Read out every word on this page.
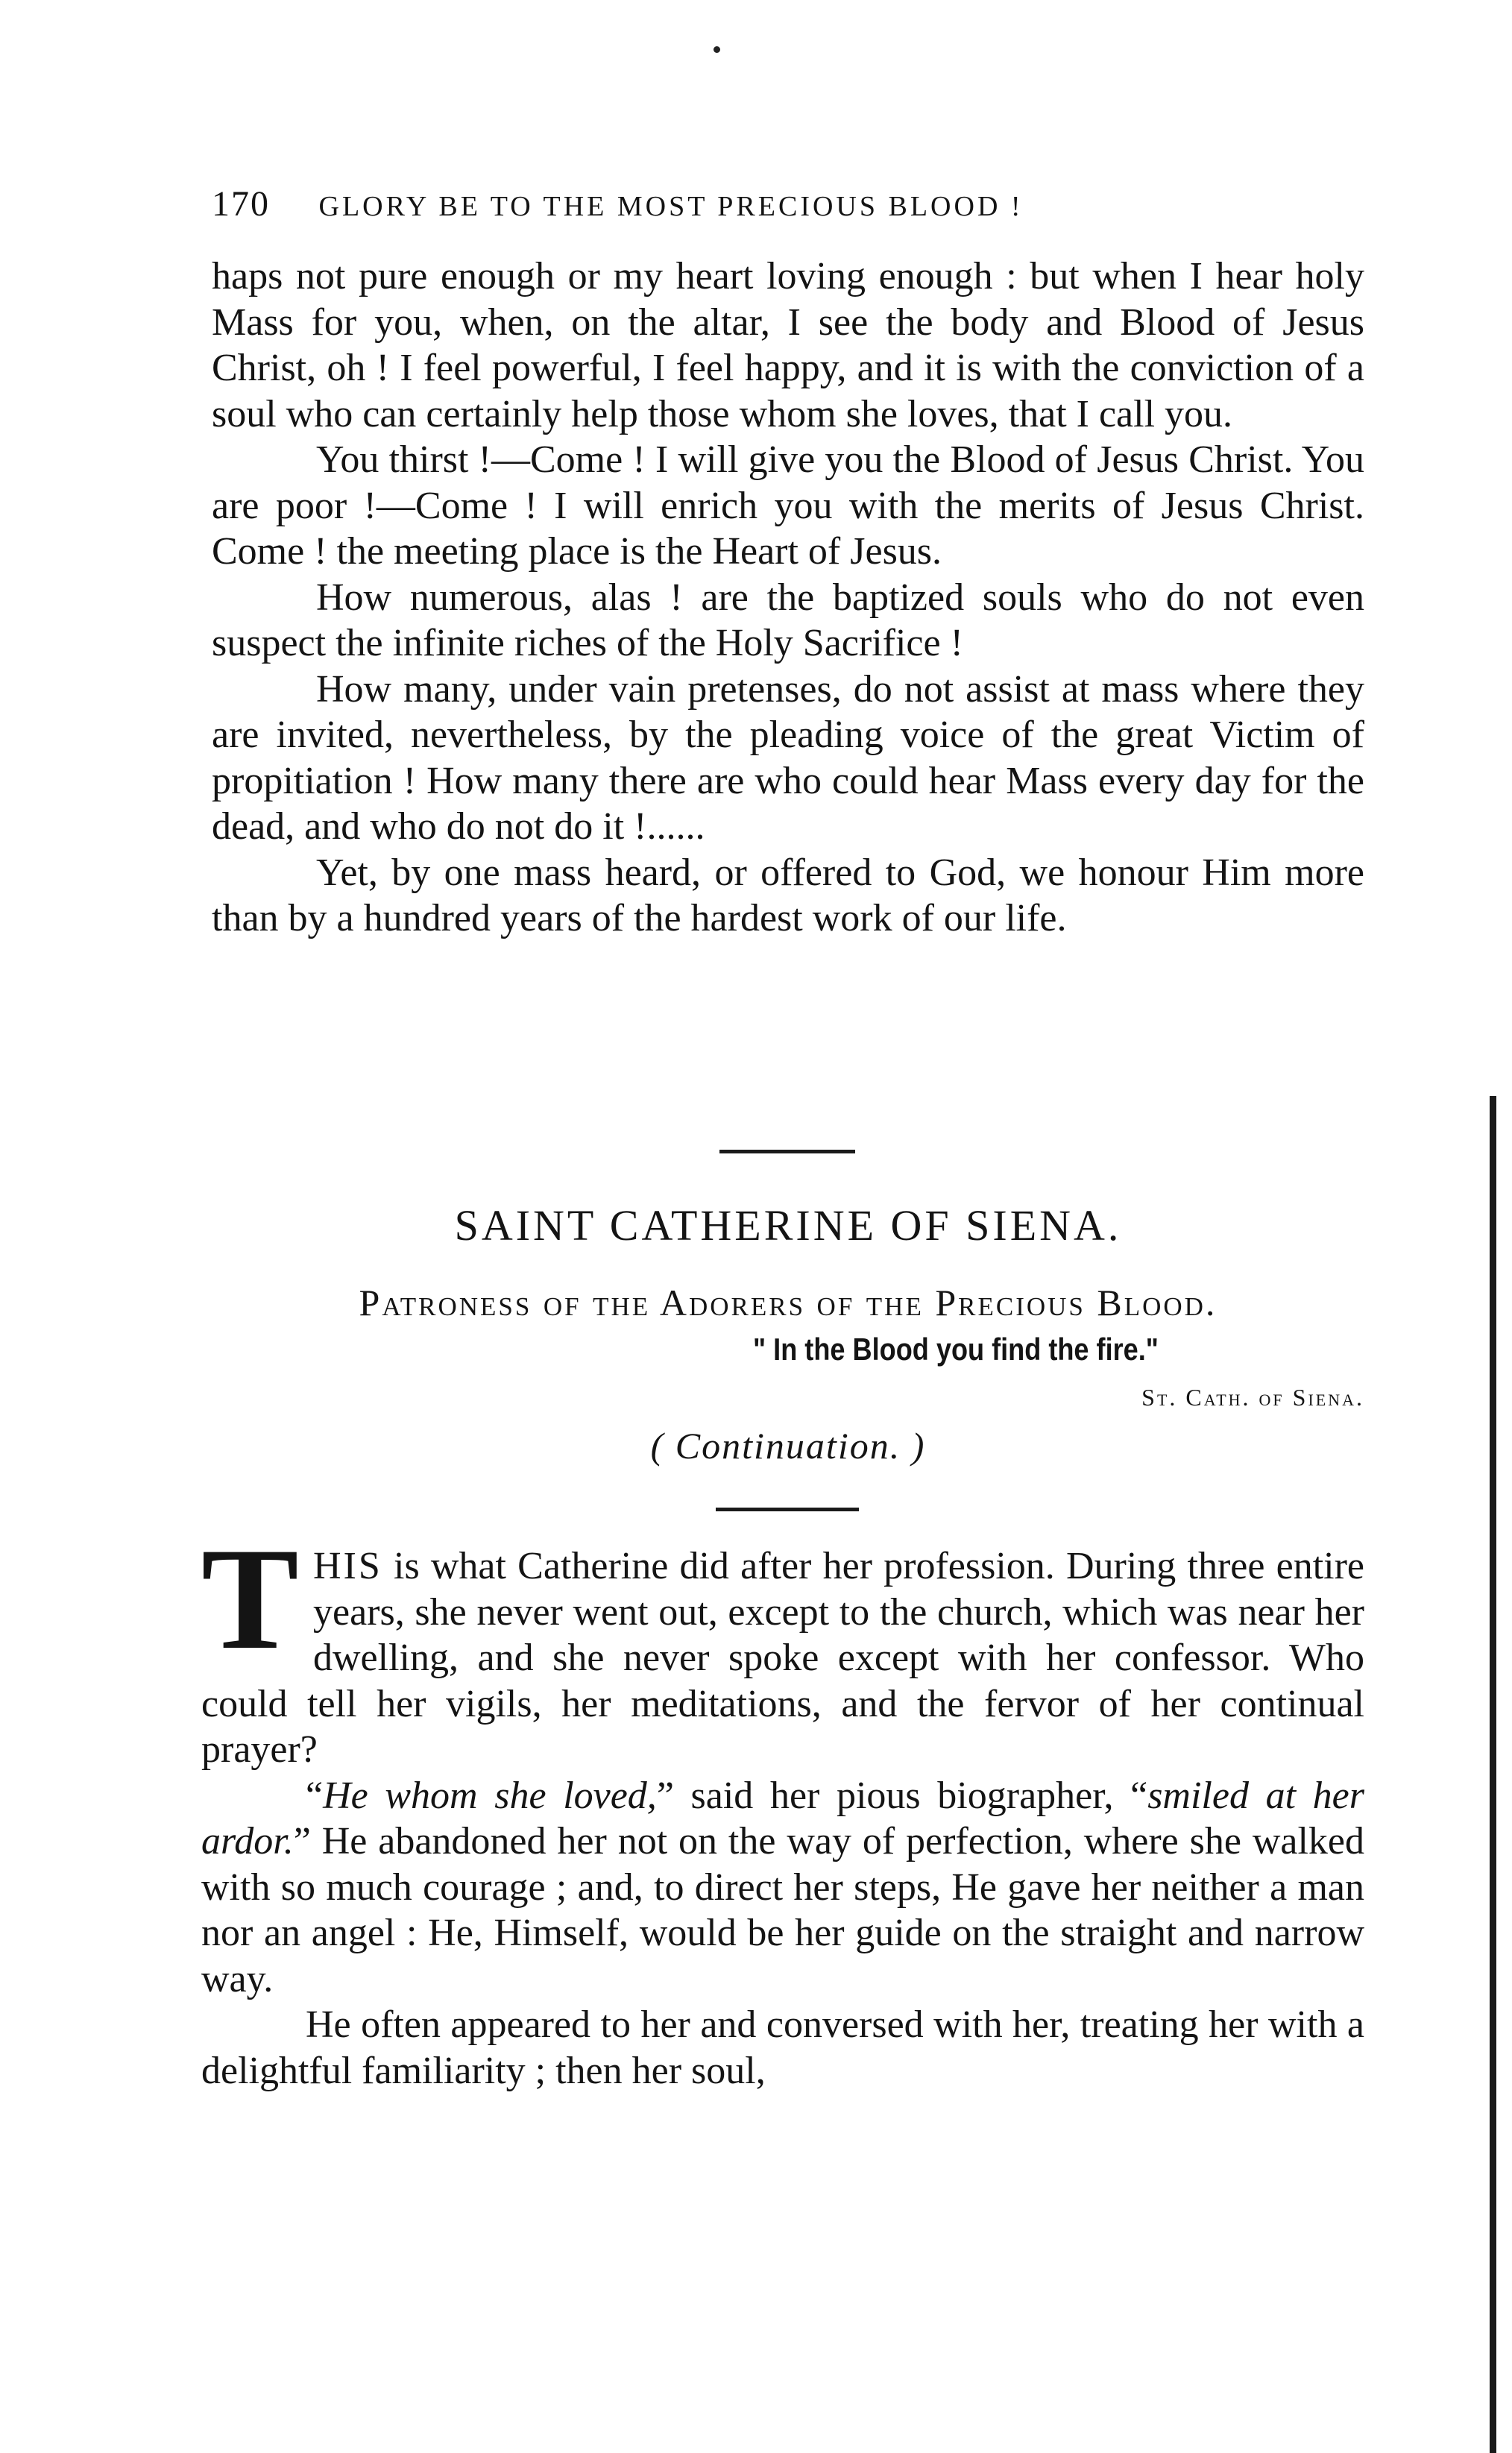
170 GLORY BE TO THE MOST PRECIOUS BLOOD !

haps not pure enough or my heart loving enough : but when I hear holy Mass for you, when, on the altar, I see the body and Blood of Jesus Christ, oh ! I feel powerful, I feel happy, and it is with the conviction of a soul who can certainly help those whom she loves, that I call you.

You thirst !—Come ! I will give you the Blood of Jesus Christ. You are poor !—Come ! I will enrich you with the merits of Jesus Christ. Come ! the meeting place is the Heart of Jesus.

How numerous, alas ! are the baptized souls who do not even suspect the infinite riches of the Holy Sacrifice !

How many, under vain pretenses, do not assist at mass where they are invited, nevertheless, by the pleading voice of the great Victim of propitiation ! How many there are who could hear Mass every day for the dead, and who do not do it !......

Yet, by one mass heard, or offered to God, we honour Him more than by a hundred years of the hardest work of our life.

SAINT CATHERINE OF SIENA.
Patroness of the Adorers of the Precious Blood.
" In the Blood you find the fire."
St. Cath. of Siena.
( Continuation. )

THIS is what Catherine did after her profession. During three entire years, she never went out, except to the church, which was near her dwelling, and she never spoke except with her confessor. Who could tell her vigils, her meditations, and the fervor of her continual prayer?

“He whom she loved,” said her pious biographer, “smiled at her ardor.” He abandoned her not on the way of perfection, where she walked with so much courage ; and, to direct her steps, He gave her neither a man nor an angel : He, Himself, would be her guide on the straight and narrow way.

He often appeared to her and conversed with her, treating her with a delightful familiarity ; then her soul,
